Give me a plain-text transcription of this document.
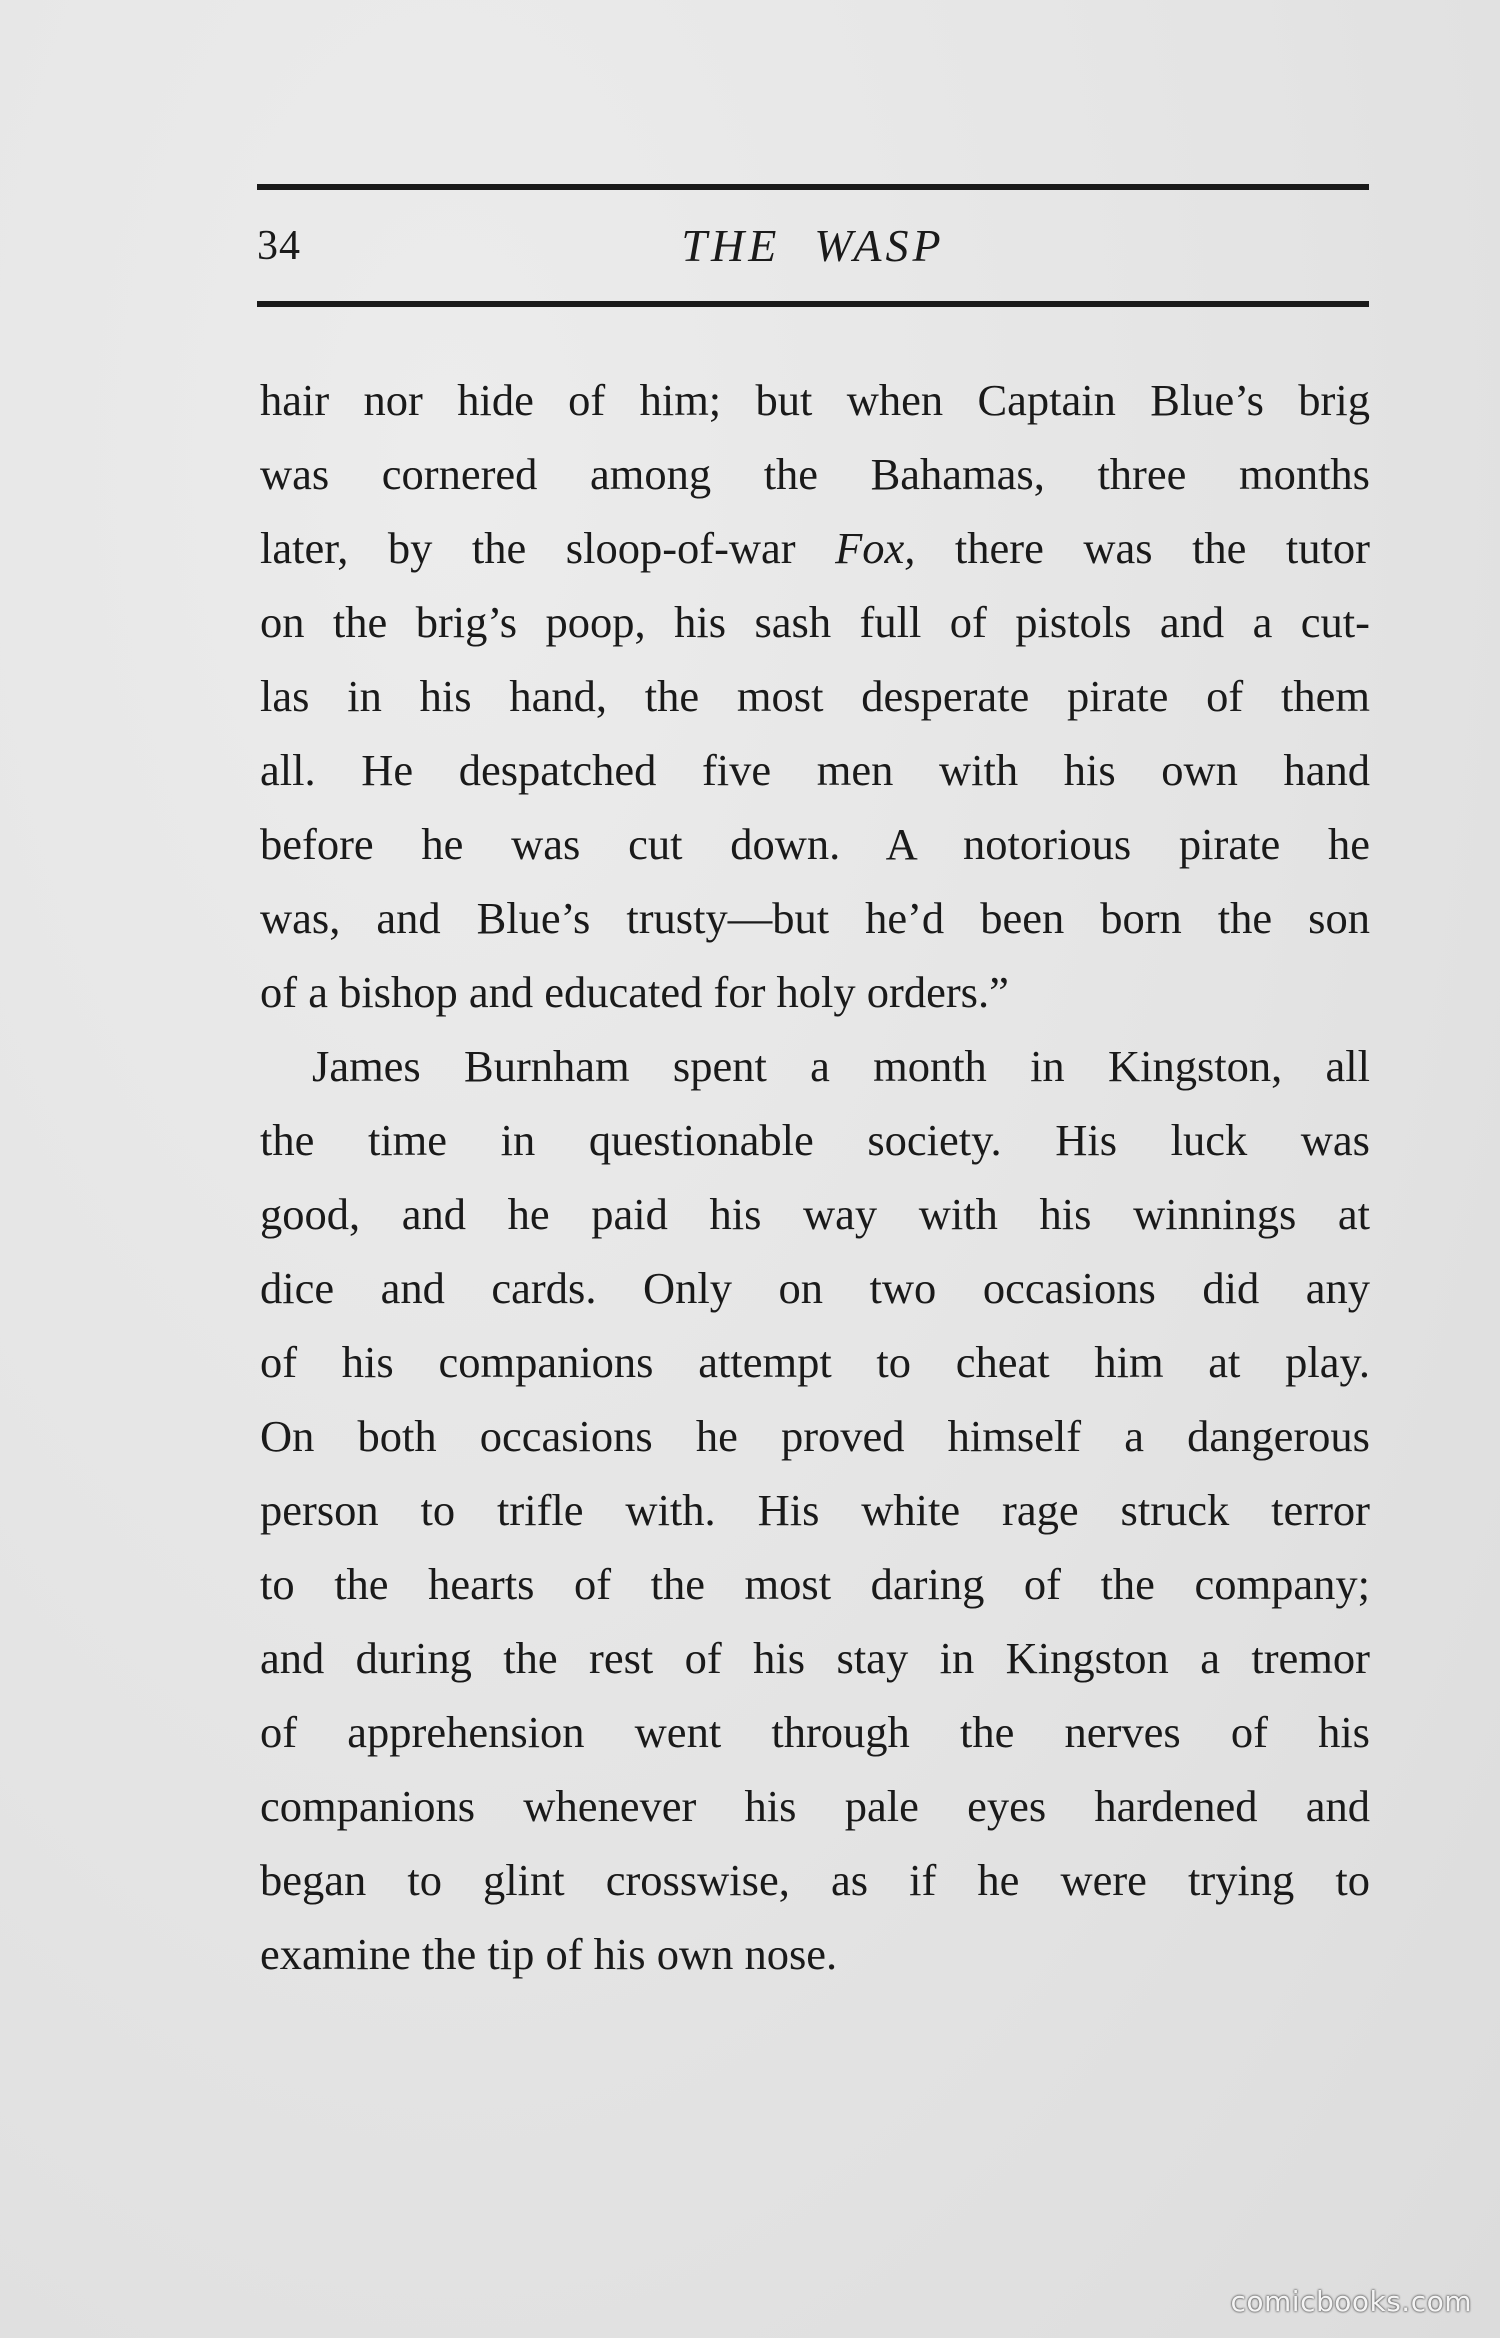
34	THE WASP
hair nor hide of him; but when Captain Blue’s brig
was cornered among the Bahamas, three months
later, by the sloop-of-war Fox, there was the tutor
on the brig’s poop, his sash full of pistols and a cut-
las in his hand, the most desperate pirate of them
all. He despatched five men with his own hand
before he was cut down. A notorious pirate he
was, and Blue’s trusty—but he’d been born the son
of a bishop and educated for holy orders.”
James Burnham spent a month in Kingston, all
the time in questionable society. His luck was
good, and he paid his way with his winnings at
dice and cards. Only on two occasions did any
of his companions attempt to cheat him at play.
On both occasions he proved himself a dangerous
person to trifle with. His white rage struck terror
to the hearts of the most daring of the company;
and during the rest of his stay in Kingston a tremor
of apprehension went through the nerves of his
companions whenever his pale eyes hardened and
began to glint crosswise, as if he were trying to
examine the tip of his own nose.
comicbooks.com
